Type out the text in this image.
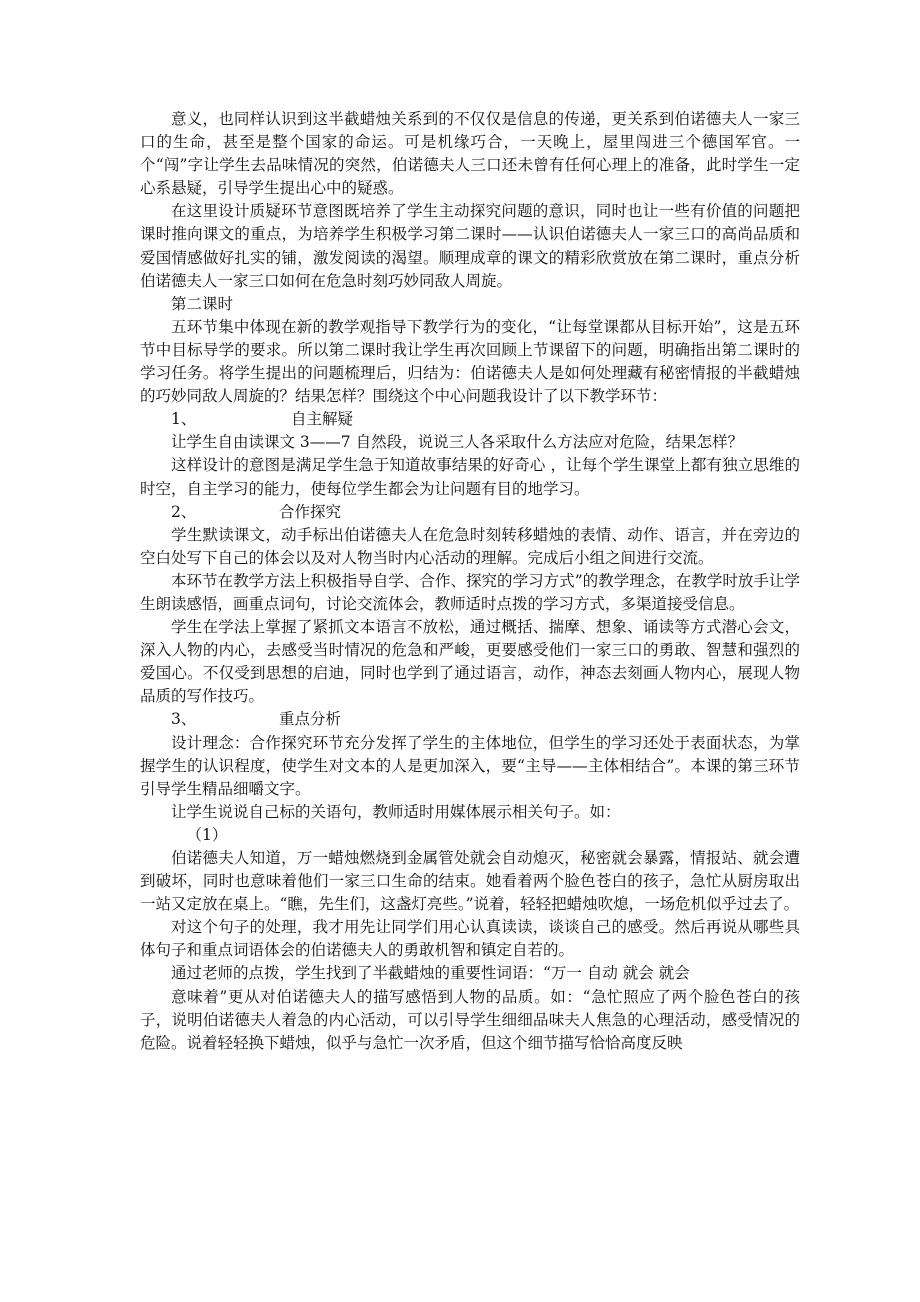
意义，也同样认识到这半截蜡烛关系到的不仅仅是信息的传递，更关系到伯诺德夫人一家三口的生命，甚至是整个国家的命运。可是机缘巧合，一天晚上，屋里闯进三个德国军官。一个“闯”字让学生去品味情况的突然，伯诺德夫人三口还未曾有任何心理上的准备，此时学生一定心系悬疑，引导学生提出心中的疑惑。

在这里设计质疑环节意图既培养了学生主动探究问题的意识，同时也让一些有价值的问题把课时推向课文的重点，为培养学生积极学习第二课时——认识伯诺德夫人一家三口的高尚品质和爱国情感做好扎实的铺，激发阅读的渴望。顺理成章的课文的精彩欣赏放在第二课时，重点分析伯诺德夫人一家三口如何在危急时刻巧妙同敌人周旋。

第二课时

五环节集中体现在新的教学观指导下教学行为的变化，“让每堂课都从目标开始”，这是五环节中目标导学的要求。所以第二课时我让学生再次回顾上节课留下的问题，明确指出第二课时的学习任务。将学生提出的问题梳理后，归结为：伯诺德夫人是如何处理藏有秘密情报的半截蜡烛的巧妙同敌人周旋的？结果怎样？围绕这个中心问题我设计了以下教学环节：

1、	自主解疑

让学生自由读课文 3——7 自然段，说说三人各采取什么方法应对危险，结果怎样？

这样设计的意图是满足学生急于知道故事结果的好奇心 ，让每个学生课堂上都有独立思维的时空，自主学习的能力，使每位学生都会为让问题有目的地学习。

2、	合作探究

学生默读课文，动手标出伯诺德夫人在危急时刻转移蜡烛的表情、动作、语言，并在旁边的空白处写下自己的体会以及对人物当时内心活动的理解。完成后小组之间进行交流。

本环节在教学方法上积极指导自学、合作、探究的学习方式”的教学理念，在教学时放手让学生朗读感悟，画重点词句，讨论交流体会，教师适时点拨的学习方式，多渠道接受信息。

学生在学法上掌握了紧抓文本语言不放松，通过概括、揣摩、想象、诵读等方式潜心会文，深入人物的内心，去感受当时情况的危急和严峻，更要感受他们一家三口的勇敢、智慧和强烈的爱国心。不仅受到思想的启迪，同时也学到了通过语言，动作，神态去刻画人物内心，展现人物品质的写作技巧。

3、	重点分析

设计理念：合作探究环节充分发挥了学生的主体地位，但学生的学习还处于表面状态，为掌握学生的认识程度，使学生对文本的人是更加深入，要“主导——主体相结合”。本课的第三环节引导学生精品细嚼文字。

让学生说说自己标的关语句，教师适时用媒体展示相关句子。如：

（1）

伯诺德夫人知道，万一蜡烛燃烧到金属管处就会自动熄灭，秘密就会暴露，情报站、就会遭到破坏，同时也意味着他们一家三口生命的结束。她看着两个脸色苍白的孩子，急忙从厨房取出一站又定放在桌上。“瞧，先生们，这盏灯亮些。”说着，轻轻把蜡烛吹熄，一场危机似乎过去了。

对这个句子的处理，我才用先让同学们用心认真读读，谈谈自己的感受。然后再说从哪些具体句子和重点词语体会的伯诺德夫人的勇敢机智和镇定自若的。

通过老师的点拨，学生找到了半截蜡烛的重要性词语：“万一 自动 就会 就会

意味着”更从对伯诺德夫人的描写感悟到人物的品质。如：“急忙照应了两个脸色苍白的孩子，说明伯诺德夫人着急的内心活动，可以引导学生细细品味夫人焦急的心理活动，感受情况的危险。说着轻轻换下蜡烛，似乎与急忙一次矛盾，但这个细节描写恰恰高度反映
